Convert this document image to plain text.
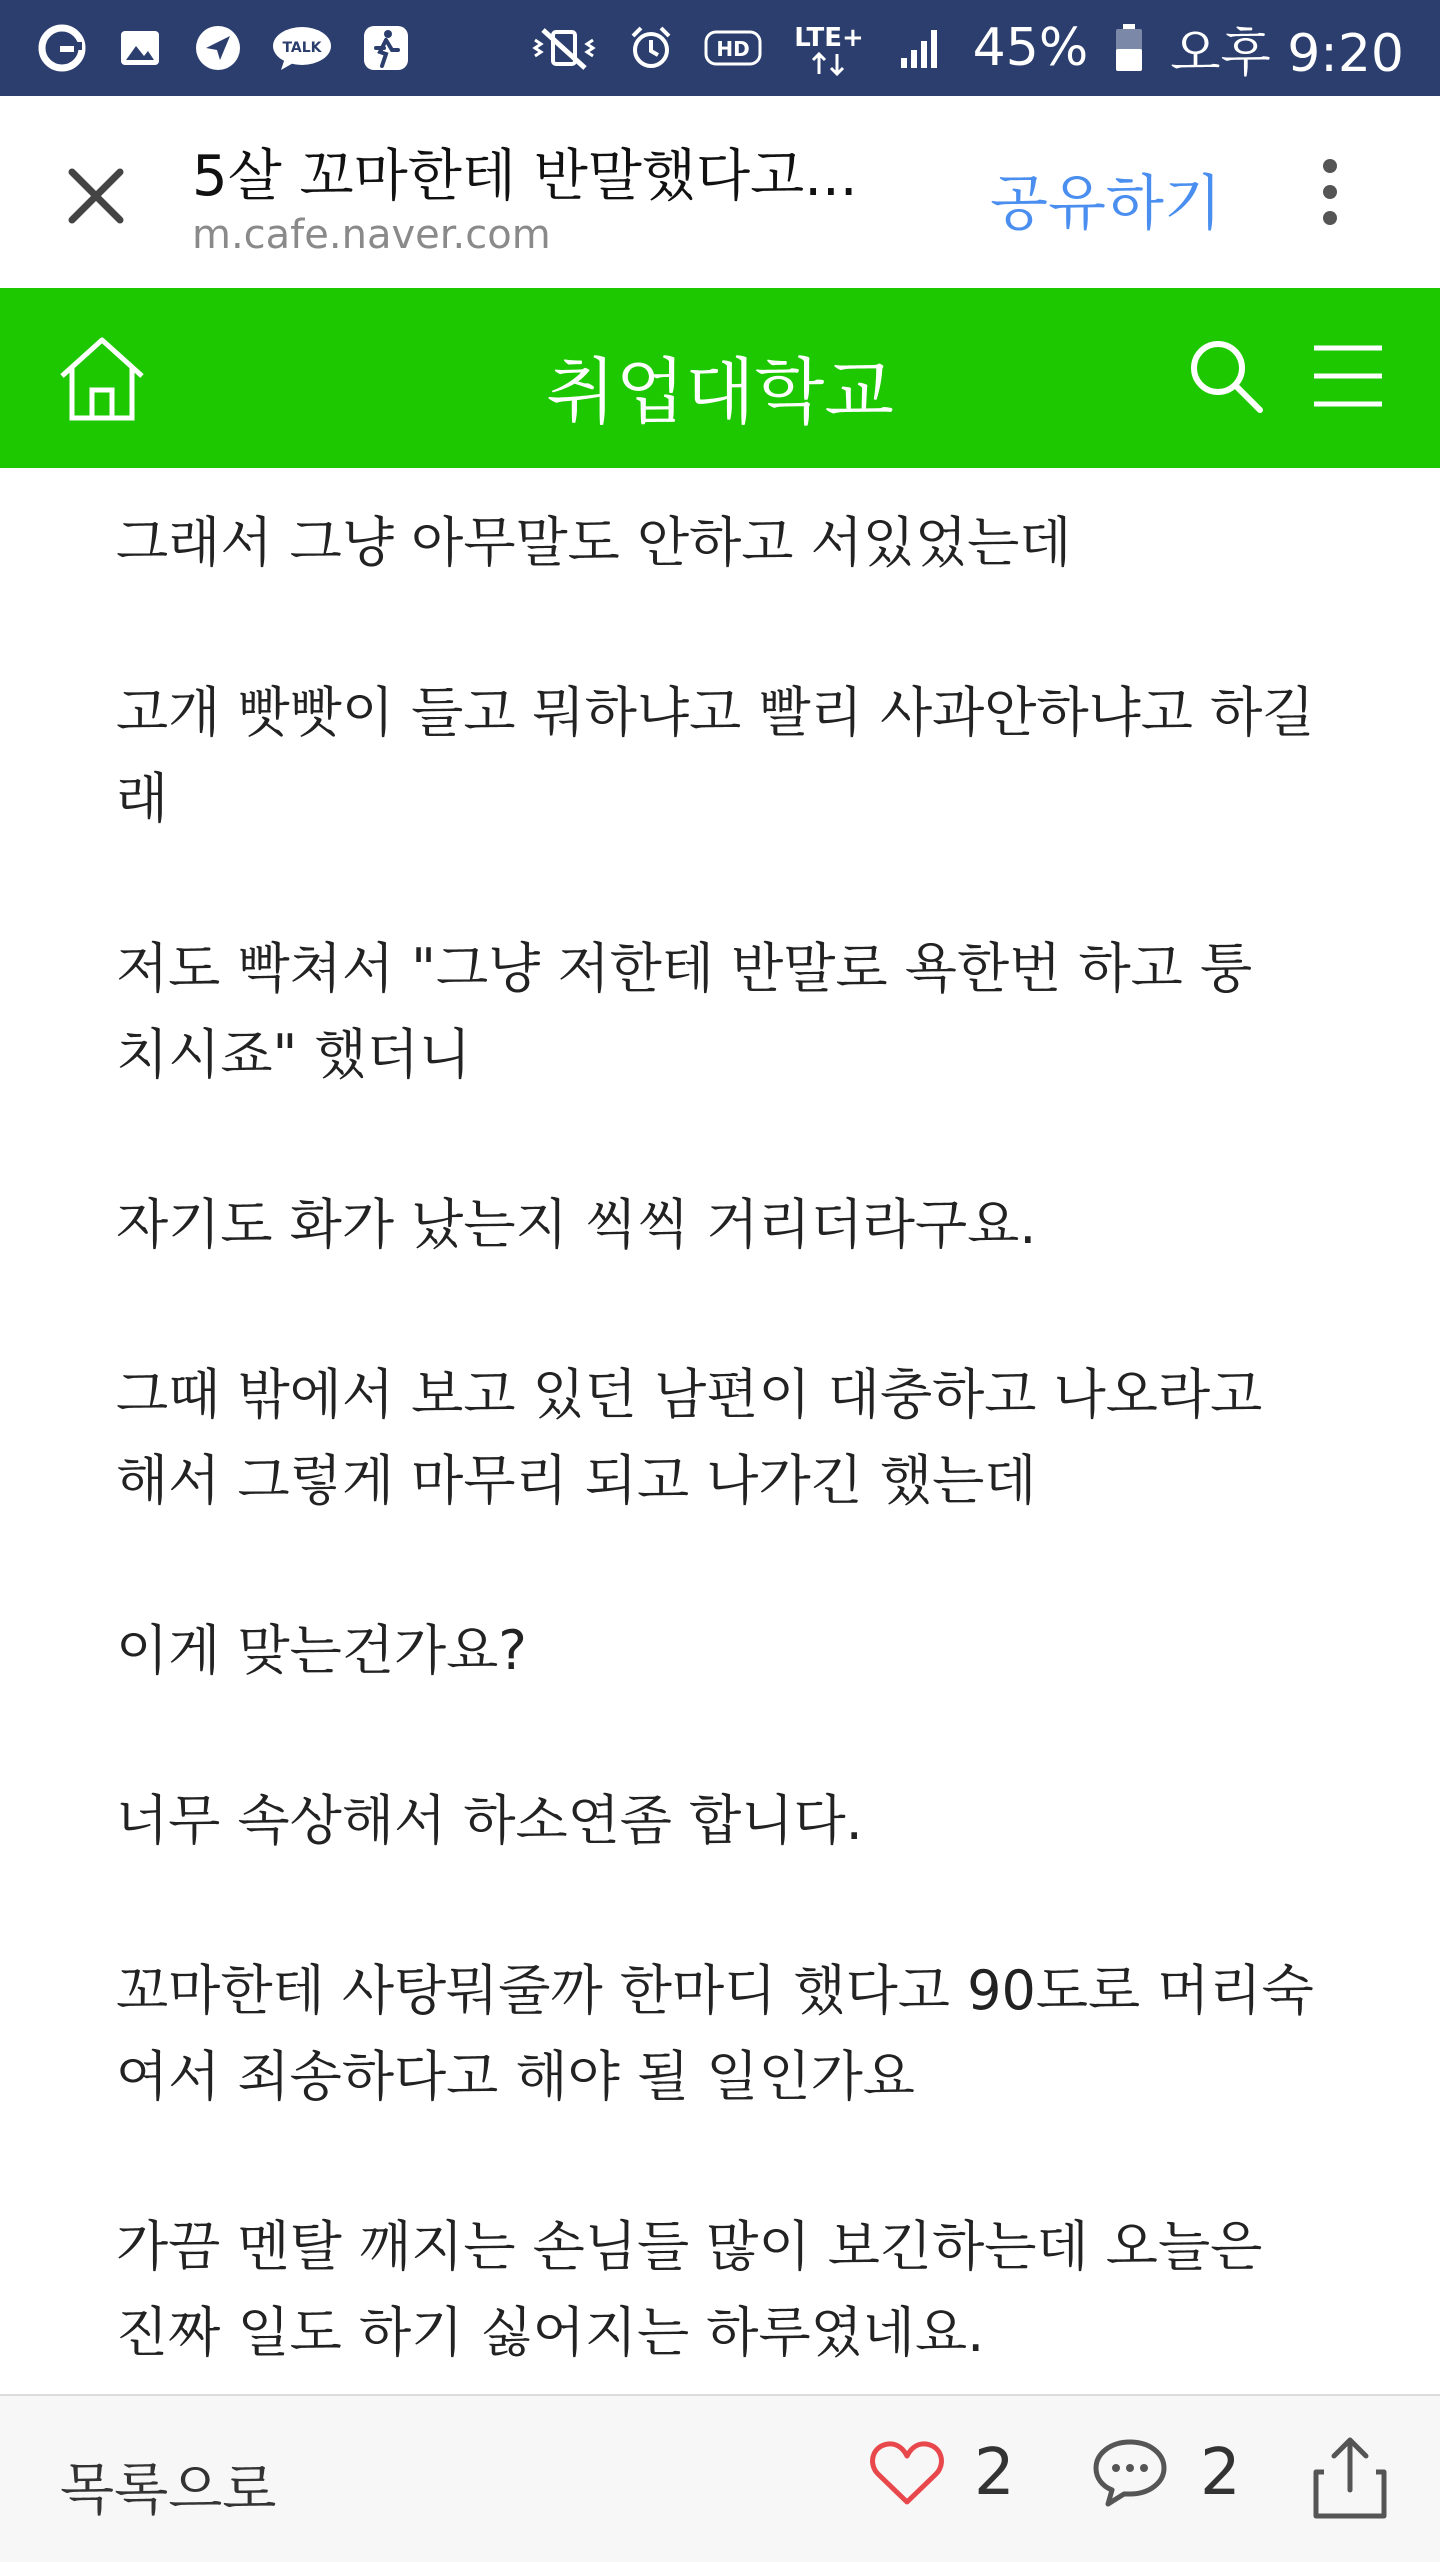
TALK	HD LTE+ 45% 오후 9:20
5살 꼬마한테 반말했다고...
m.cafe.naver.com	공유하기
취업대학교

그래서 그냥 아무말도 안하고 서있었는데

고개 빳빳이 들고 뭐하냐고 빨리 사과안하냐고 하길
래

저도 빡쳐서 "그냥 저한테 반말로 욕한번 하고 퉁
치시죠" 했더니

자기도 화가 났는지 씩씩 거리더라구요.

그때 밖에서 보고 있던 남편이 대충하고 나오라고
해서 그렇게 마무리 되고 나가긴 했는데

이게 맞는건가요?

너무 속상해서 하소연좀 합니다.

꼬마한테 사탕뭐줄까 한마디 했다고 90도로 머리숙
여서 죄송하다고 해야 될 일인가요

가끔 멘탈 깨지는 손님들 많이 보긴하는데 오늘은
진짜 일도 하기 싫어지는 하루였네요.

목록으로	2	2
